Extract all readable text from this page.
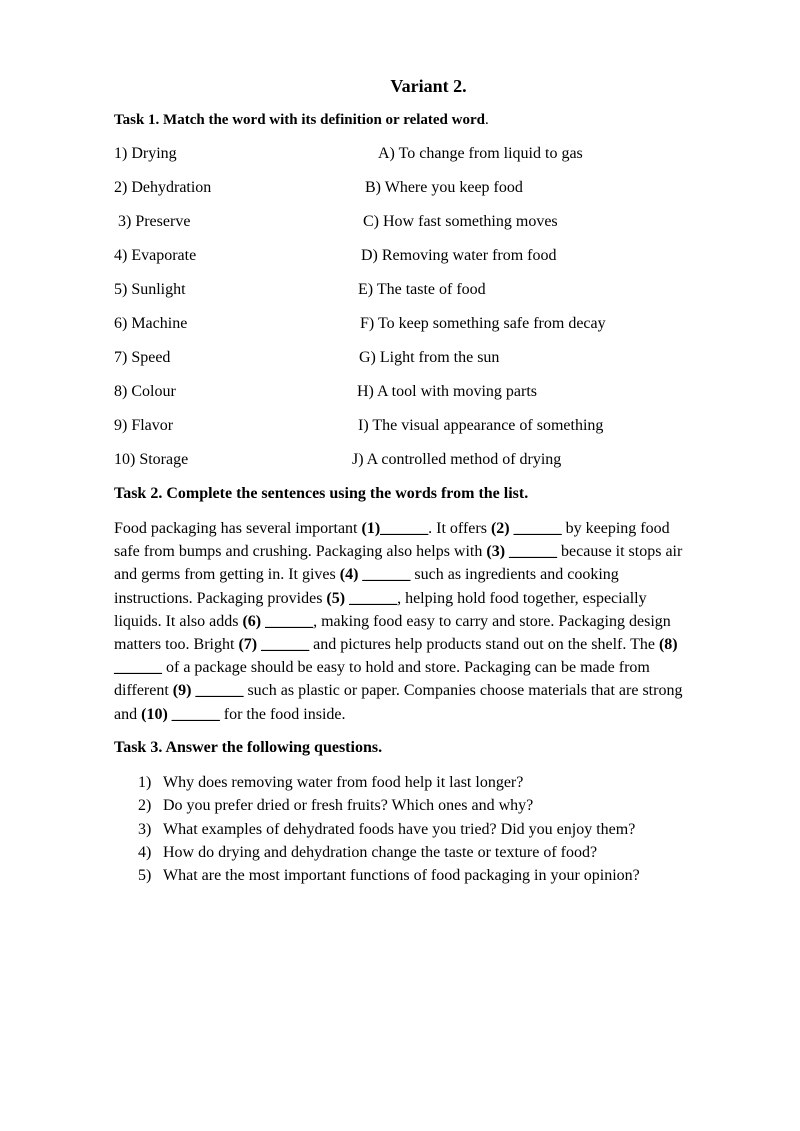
Variant 2.
Task 1. Match the word with its definition or related word.
1) Drying	A) To change from liquid to gas
2) Dehydration	B) Where you keep food
3) Preserve	C) How fast something moves
4) Evaporate	D) Removing water from food
5) Sunlight	E) The taste of food
6) Machine	F) To keep something safe from decay
7) Speed	G) Light from the sun
8) Colour	H) A tool with moving parts
9) Flavor	I) The visual appearance of something
10) Storage	J) A controlled method of drying
Task 2. Complete the sentences using the words from the list.
Food packaging has several important (1)______. It offers (2) ______ by keeping food
safe from bumps and crushing. Packaging also helps with (3) ______ because it stops air
and germs from getting in. It gives (4) ______ such as ingredients and cooking
instructions. Packaging provides (5) ______, helping hold food together, especially
liquids. It also adds (6) ______, making food easy to carry and store. Packaging design
matters too. Bright (7) ______ and pictures help products stand out on the shelf. The (8)
______ of a package should be easy to hold and store. Packaging can be made from
different (9) ______ such as plastic or paper. Companies choose materials that are strong
and (10) ______ for the food inside.
Task 3. Answer the following questions.
1) Why does removing water from food help it last longer?
2) Do you prefer dried or fresh fruits? Which ones and why?
3) What examples of dehydrated foods have you tried? Did you enjoy them?
4) How do drying and dehydration change the taste or texture of food?
5) What are the most important functions of food packaging in your opinion?
